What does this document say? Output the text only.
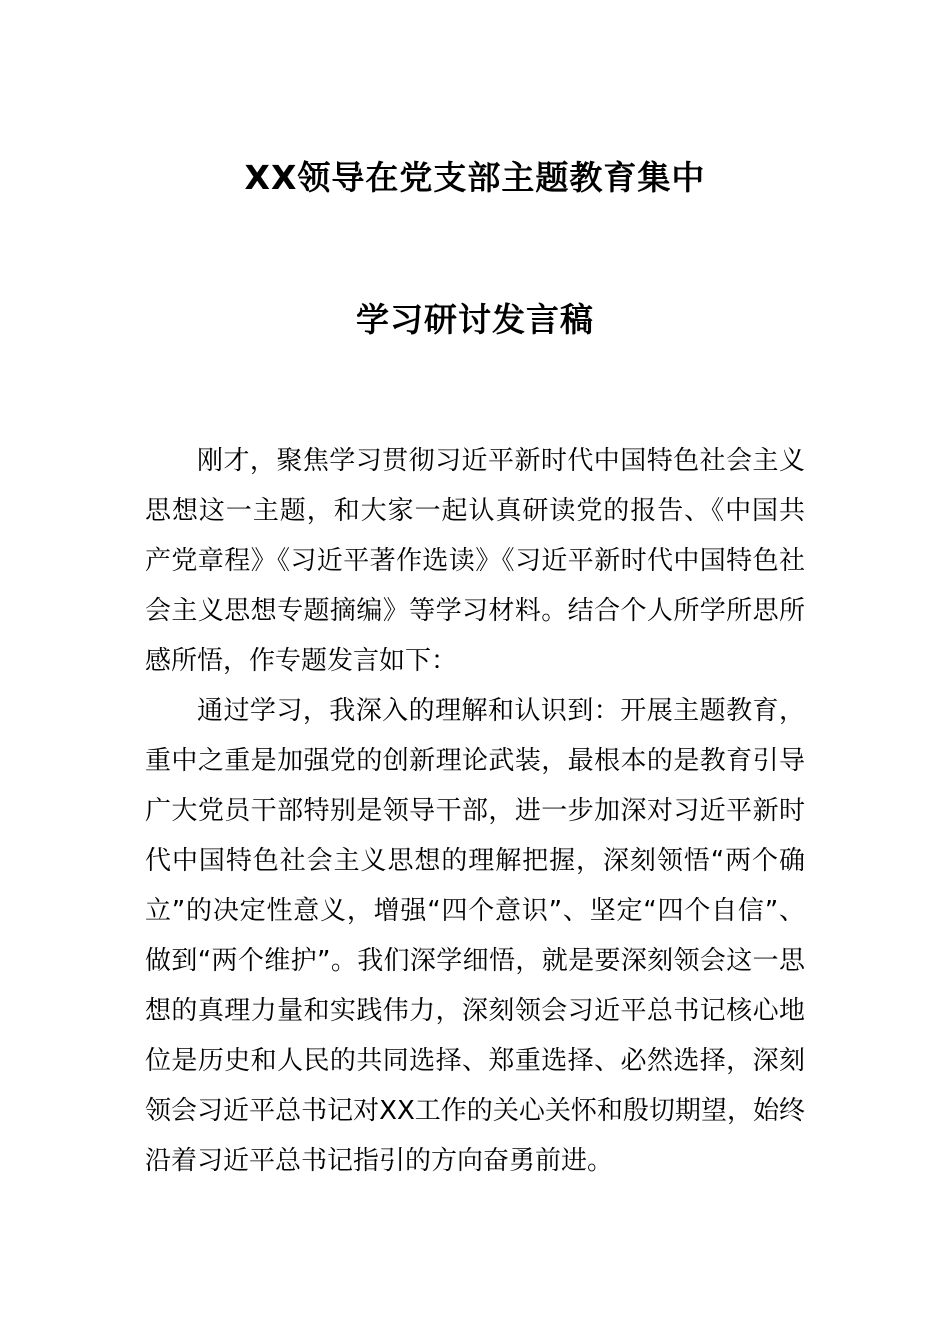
XX领导在党支部主题教育集中
学习研讨发言稿

刚才，聚焦学习贯彻习近平新时代中国特色社会主义思想这一主题，和大家一起认真研读党的报告、《中国共产党章程》《习近平著作选读》《习近平新时代中国特色社会主义思想专题摘编》等学习材料。结合个人所学所思所感所悟，作专题发言如下：

通过学习，我深入的理解和认识到：开展主题教育，重中之重是加强党的创新理论武装，最根本的是教育引导广大党员干部特别是领导干部，进一步加深对习近平新时代中国特色社会主义思想的理解把握，深刻领悟“两个确立”的决定性意义，增强“四个意识”、坚定“四个自信”、做到“两个维护”。我们深学细悟，就是要深刻领会这一思想的真理力量和实践伟力，深刻领会习近平总书记核心地位是历史和人民的共同选择、郑重选择、必然选择，深刻领会习近平总书记对XX工作的关心关怀和殷切期望，始终沿着习近平总书记指引的方向奋勇前进。
